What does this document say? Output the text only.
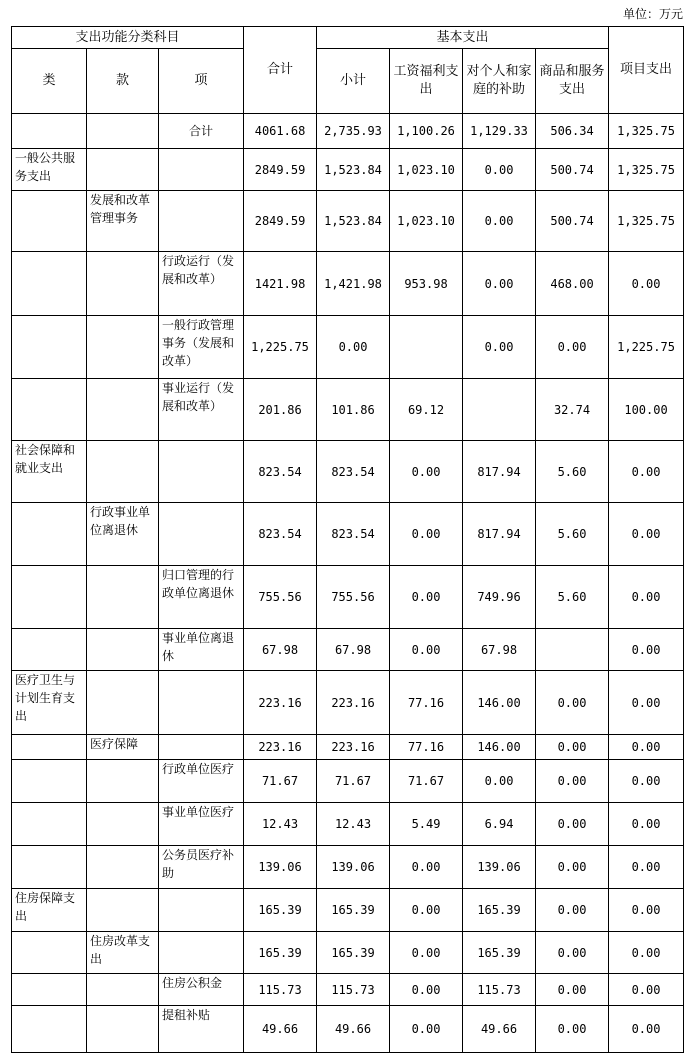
单位：万元
支出功能分类科目			合计	基本支出				项目支出
类	款	项		小计	工资福利支出	对个人和家庭的补助	商品和服务支出	

		合计	4061.68	2,735.93	1,100.26	1,129.33	506.34	1,325.75
一般公共服务支出			2849.59	1,523.84	1,023.10	0.00	500.74	1,325.75
	发展和改革管理事务		2849.59	1,523.84	1,023.10	0.00	500.74	1,325.75
		行政运行（发展和改革）	1421.98	1,421.98	953.98	0.00	468.00	0.00
		一般行政管理事务（发展和改革）	1,225.75	0.00		0.00	0.00	1,225.75
		事业运行（发展和改革）	201.86	101.86	69.12		32.74	100.00
社会保障和就业支出			823.54	823.54	0.00	817.94	5.60	0.00
	行政事业单位离退休		823.54	823.54	0.00	817.94	5.60	0.00
		归口管理的行政单位离退休	755.56	755.56	0.00	749.96	5.60	0.00
		事业单位离退休	67.98	67.98	0.00	67.98		0.00
医疗卫生与计划生育支出			223.16	223.16	77.16	146.00	0.00	0.00
	医疗保障		223.16	223.16	77.16	146.00	0.00	0.00
		行政单位医疗	71.67	71.67	71.67	0.00	0.00	0.00
		事业单位医疗	12.43	12.43	5.49	6.94	0.00	0.00
		公务员医疗补助	139.06	139.06	0.00	139.06	0.00	0.00
住房保障支出			165.39	165.39	0.00	165.39	0.00	0.00
	住房改革支出		165.39	165.39	0.00	165.39	0.00	0.00
		住房公积金	115.73	115.73	0.00	115.73	0.00	0.00
		提租补贴	49.66	49.66	0.00	49.66	0.00	0.00
